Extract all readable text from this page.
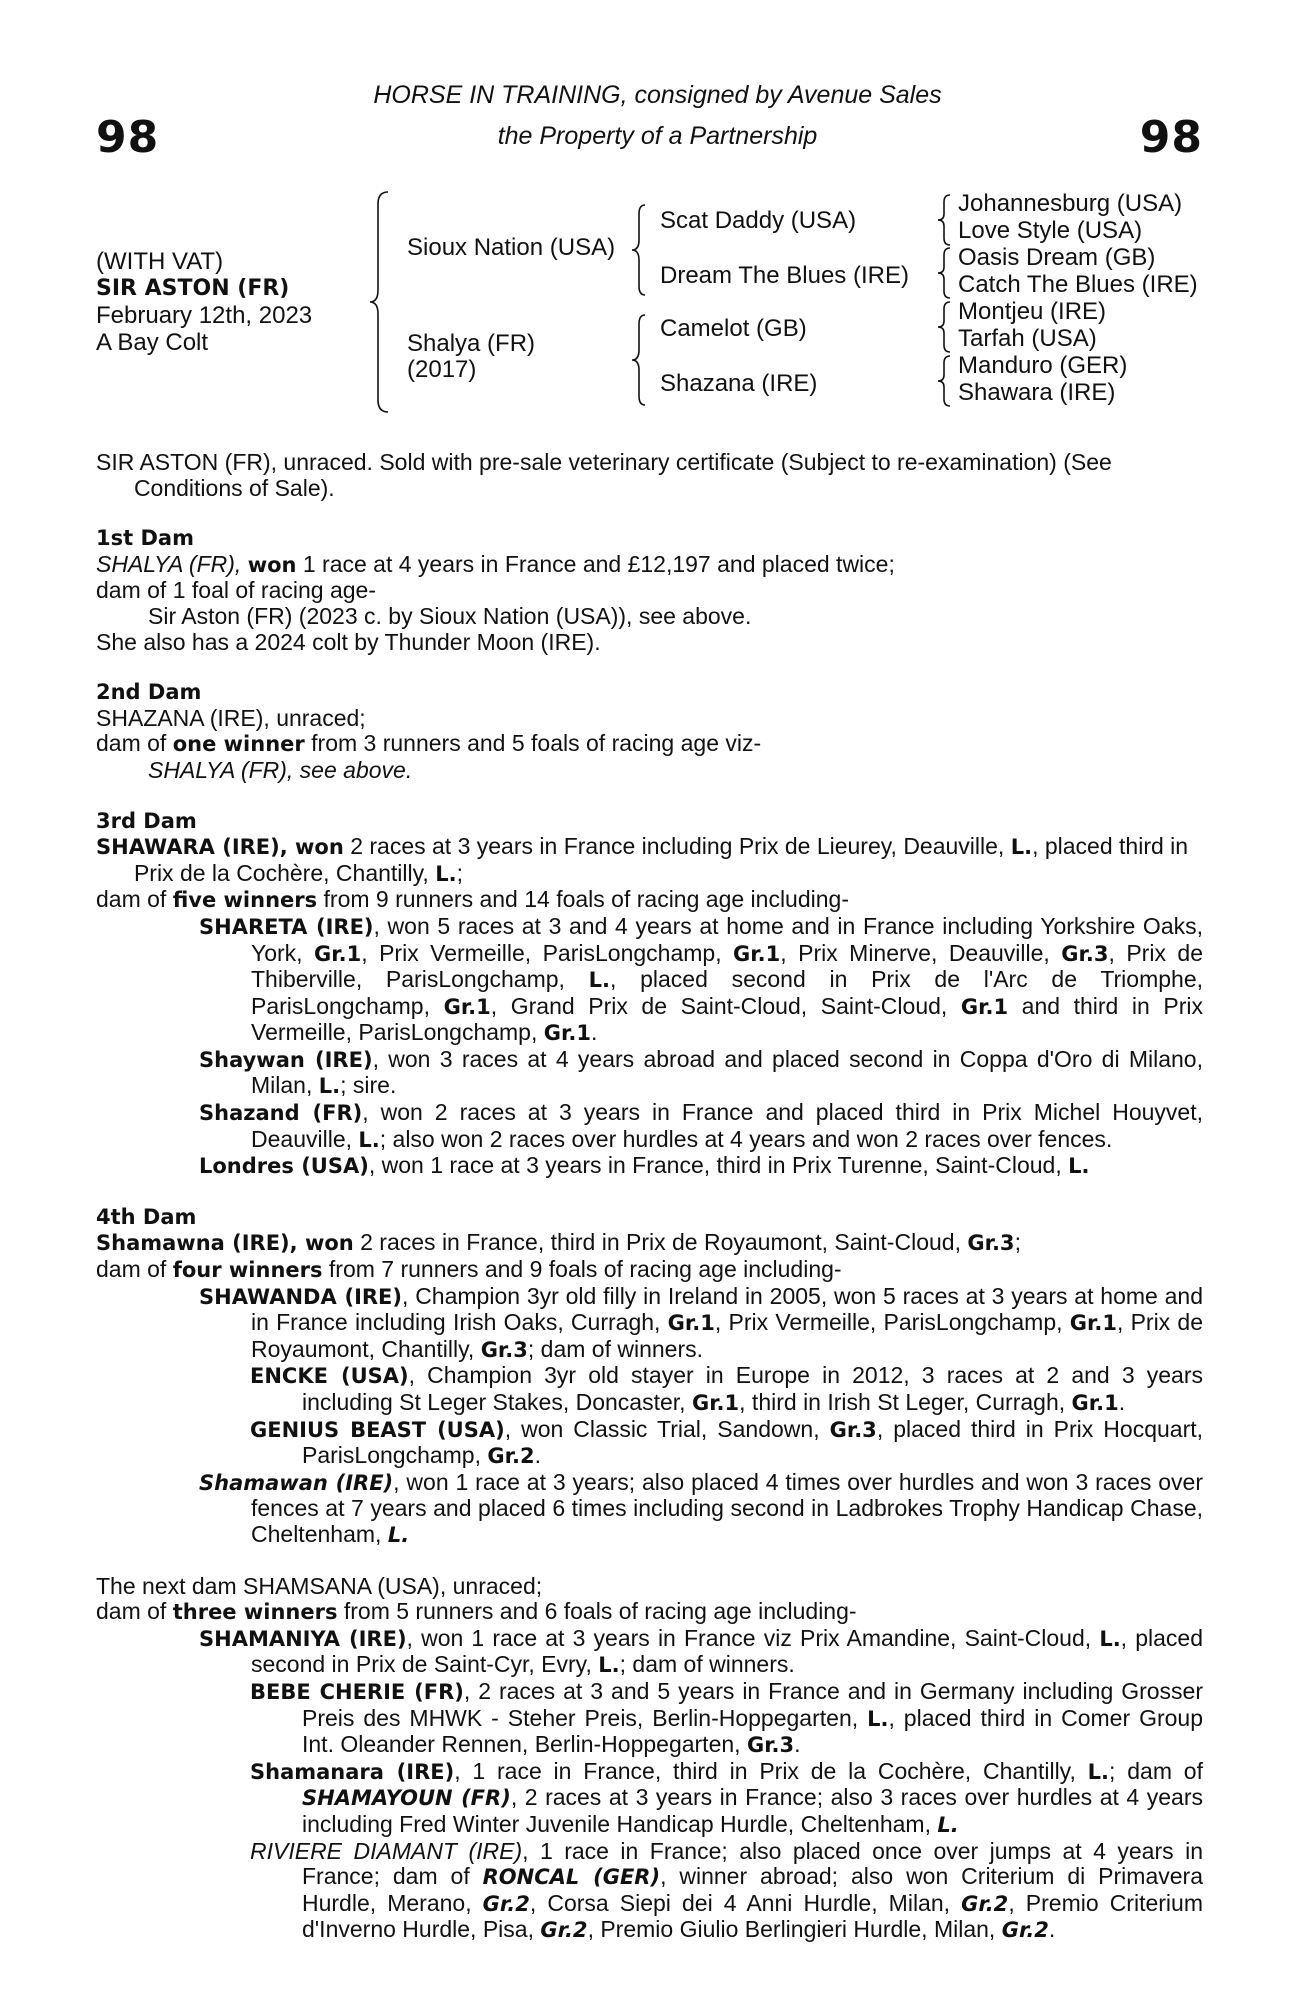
98	98
HORSE IN TRAINING, consigned by Avenue Sales
the Property of a Partnership
(WITH VAT)
SIR ASTON (FR)
February 12th, 2023
A Bay Colt
Sioux Nation (USA)
Shalya (FR)
(2017)
Scat Daddy (USA)
Dream The Blues (IRE)
Camelot (GB)
Shazana (IRE)
Johannesburg (USA)
Love Style (USA)
Oasis Dream (GB)
Catch The Blues (IRE)
Montjeu (IRE)
Tarfah (USA)
Manduro (GER)
Shawara (IRE)

SIR ASTON (FR), unraced. Sold with pre-sale veterinary certificate (Subject to re-examination) (See Conditions of Sale).

1st Dam

SHALYA (FR), won 1 race at 4 years in France and £12,197 and placed twice;

dam of 1 foal of racing age-

Sir Aston (FR) (2023 c. by Sioux Nation (USA)), see above.

She also has a 2024 colt by Thunder Moon (IRE).

2nd Dam

SHAZANA (IRE), unraced;

dam of one winner from 3 runners and 5 foals of racing age viz-

SHALYA (FR), see above.

3rd Dam

SHAWARA (IRE), won 2 races at 3 years in France including Prix de Lieurey, Deauville, L., placed third in Prix de la Cochère, Chantilly, L.;

dam of five winners from 9 runners and 14 foals of racing age including-

SHARETA (IRE), won 5 races at 3 and 4 years at home and in France including Yorkshire Oaks, York, Gr.1, Prix Vermeille, ParisLongchamp, Gr.1, Prix Minerve, Deauville, Gr.3, Prix de Thiberville, ParisLongchamp, L., placed second in Prix de l'Arc de Triomphe, ParisLongchamp, Gr.1, Grand Prix de Saint-Cloud, Saint-Cloud, Gr.1 and third in Prix Vermeille, ParisLongchamp, Gr.1.

Shaywan (IRE), won 3 races at 4 years abroad and placed second in Coppa d'Oro di Milano, Milan, L.; sire.

Shazand (FR), won 2 races at 3 years in France and placed third in Prix Michel Houyvet, Deauville, L.; also won 2 races over hurdles at 4 years and won 2 races over fences.

Londres (USA), won 1 race at 3 years in France, third in Prix Turenne, Saint-Cloud, L.

4th Dam

Shamawna (IRE), won 2 races in France, third in Prix de Royaumont, Saint-Cloud, Gr.3;

dam of four winners from 7 runners and 9 foals of racing age including-

SHAWANDA (IRE), Champion 3yr old filly in Ireland in 2005, won 5 races at 3 years at home and in France including Irish Oaks, Curragh, Gr.1, Prix Vermeille, ParisLongchamp, Gr.1, Prix de Royaumont, Chantilly, Gr.3; dam of winners.

ENCKE (USA), Champion 3yr old stayer in Europe in 2012, 3 races at 2 and 3 years including St Leger Stakes, Doncaster, Gr.1, third in Irish St Leger, Curragh, Gr.1.

GENIUS BEAST (USA), won Classic Trial, Sandown, Gr.3, placed third in Prix Hocquart, ParisLongchamp, Gr.2.

Shamawan (IRE), won 1 race at 3 years; also placed 4 times over hurdles and won 3 races over fences at 7 years and placed 6 times including second in Ladbrokes Trophy Handicap Chase, Cheltenham, L.

The next dam SHAMSANA (USA), unraced;

dam of three winners from 5 runners and 6 foals of racing age including-

SHAMANIYA (IRE), won 1 race at 3 years in France viz Prix Amandine, Saint-Cloud, L., placed second in Prix de Saint-Cyr, Evry, L.; dam of winners.

BEBE CHERIE (FR), 2 races at 3 and 5 years in France and in Germany including Grosser Preis des MHWK - Steher Preis, Berlin-Hoppegarten, L., placed third in Comer Group Int. Oleander Rennen, Berlin-Hoppegarten, Gr.3.

Shamanara (IRE), 1 race in France, third in Prix de la Cochère, Chantilly, L.; dam of SHAMAYOUN (FR), 2 races at 3 years in France; also 3 races over hurdles at 4 years including Fred Winter Juvenile Handicap Hurdle, Cheltenham, L.

RIVIERE DIAMANT (IRE), 1 race in France; also placed once over jumps at 4 years in France; dam of RONCAL (GER), winner abroad; also won Criterium di Primavera Hurdle, Merano, Gr.2, Corsa Siepi dei 4 Anni Hurdle, Milan, Gr.2, Premio Criterium d'Inverno Hurdle, Pisa, Gr.2, Premio Giulio Berlingieri Hurdle, Milan, Gr.2.
